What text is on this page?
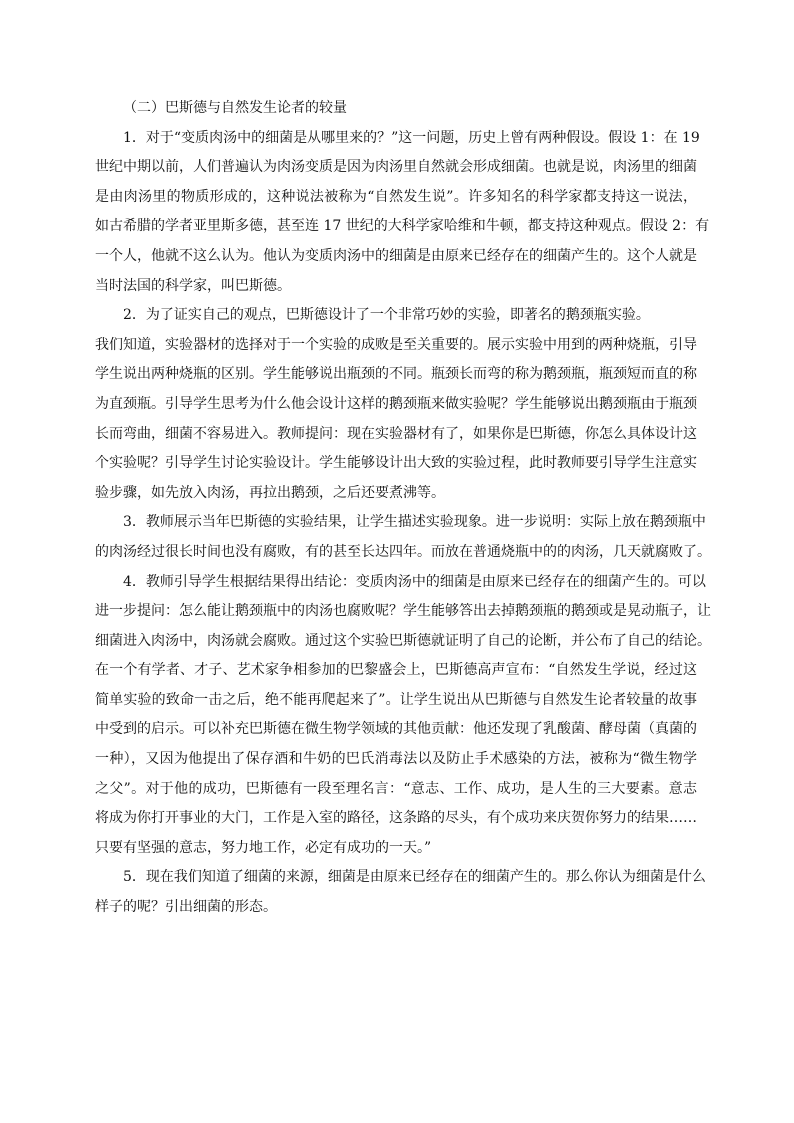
（二）巴斯德与自然发生论者的较量
1．对于“变质肉汤中的细菌是从哪里来的？”这一问题，历史上曾有两种假设。假设 1：在 19
世纪中期以前，人们普遍认为肉汤变质是因为肉汤里自然就会形成细菌。也就是说，肉汤里的细菌
是由肉汤里的物质形成的，这种说法被称为“自然发生说”。许多知名的科学家都支持这一说法，
如古希腊的学者亚里斯多德，甚至连 17 世纪的大科学家哈维和牛顿，都支持这种观点。假设 2：有
一个人，他就不这么认为。他认为变质肉汤中的细菌是由原来已经存在的细菌产生的。这个人就是
当时法国的科学家，叫巴斯德。
2．为了证实自己的观点，巴斯德设计了一个非常巧妙的实验，即著名的鹅颈瓶实验。
我们知道，实验器材的选择对于一个实验的成败是至关重要的。展示实验中用到的两种烧瓶，引导
学生说出两种烧瓶的区别。学生能够说出瓶颈的不同。瓶颈长而弯的称为鹅颈瓶，瓶颈短而直的称
为直颈瓶。引导学生思考为什么他会设计这样的鹅颈瓶来做实验呢？学生能够说出鹅颈瓶由于瓶颈
长而弯曲，细菌不容易进入。教师提问：现在实验器材有了，如果你是巴斯德，你怎么具体设计这
个实验呢？引导学生讨论实验设计。学生能够设计出大致的实验过程，此时教师要引导学生注意实
验步骤，如先放入肉汤，再拉出鹅颈，之后还要煮沸等。
3．教师展示当年巴斯德的实验结果，让学生描述实验现象。进一步说明：实际上放在鹅颈瓶中
的肉汤经过很长时间也没有腐败，有的甚至长达四年。而放在普通烧瓶中的的肉汤，几天就腐败了。
4．教师引导学生根据结果得出结论：变质肉汤中的细菌是由原来已经存在的细菌产生的。可以
进一步提问：怎么能让鹅颈瓶中的肉汤也腐败呢？学生能够答出去掉鹅颈瓶的鹅颈或是晃动瓶子，让
细菌进入肉汤中，肉汤就会腐败。通过这个实验巴斯德就证明了自己的论断，并公布了自己的结论。
在一个有学者、才子、艺术家争相参加的巴黎盛会上，巴斯德高声宣布：“自然发生学说，经过这
简单实验的致命一击之后，绝不能再爬起来了”。让学生说出从巴斯德与自然发生论者较量的故事
中受到的启示。可以补充巴斯德在微生物学领域的其他贡献：他还发现了乳酸菌、酵母菌（真菌的
一种），又因为他提出了保存酒和牛奶的巴氏消毒法以及防止手术感染的方法，被称为“微生物学
之父”。对于他的成功，巴斯德有一段至理名言：“意志、工作、成功，是人生的三大要素。意志
将成为你打开事业的大门，工作是入室的路径，这条路的尽头，有个成功来庆贺你努力的结果……
只要有坚强的意志，努力地工作，必定有成功的一天。”
5．现在我们知道了细菌的来源，细菌是由原来已经存在的细菌产生的。那么你认为细菌是什么
样子的呢？引出细菌的形态。
